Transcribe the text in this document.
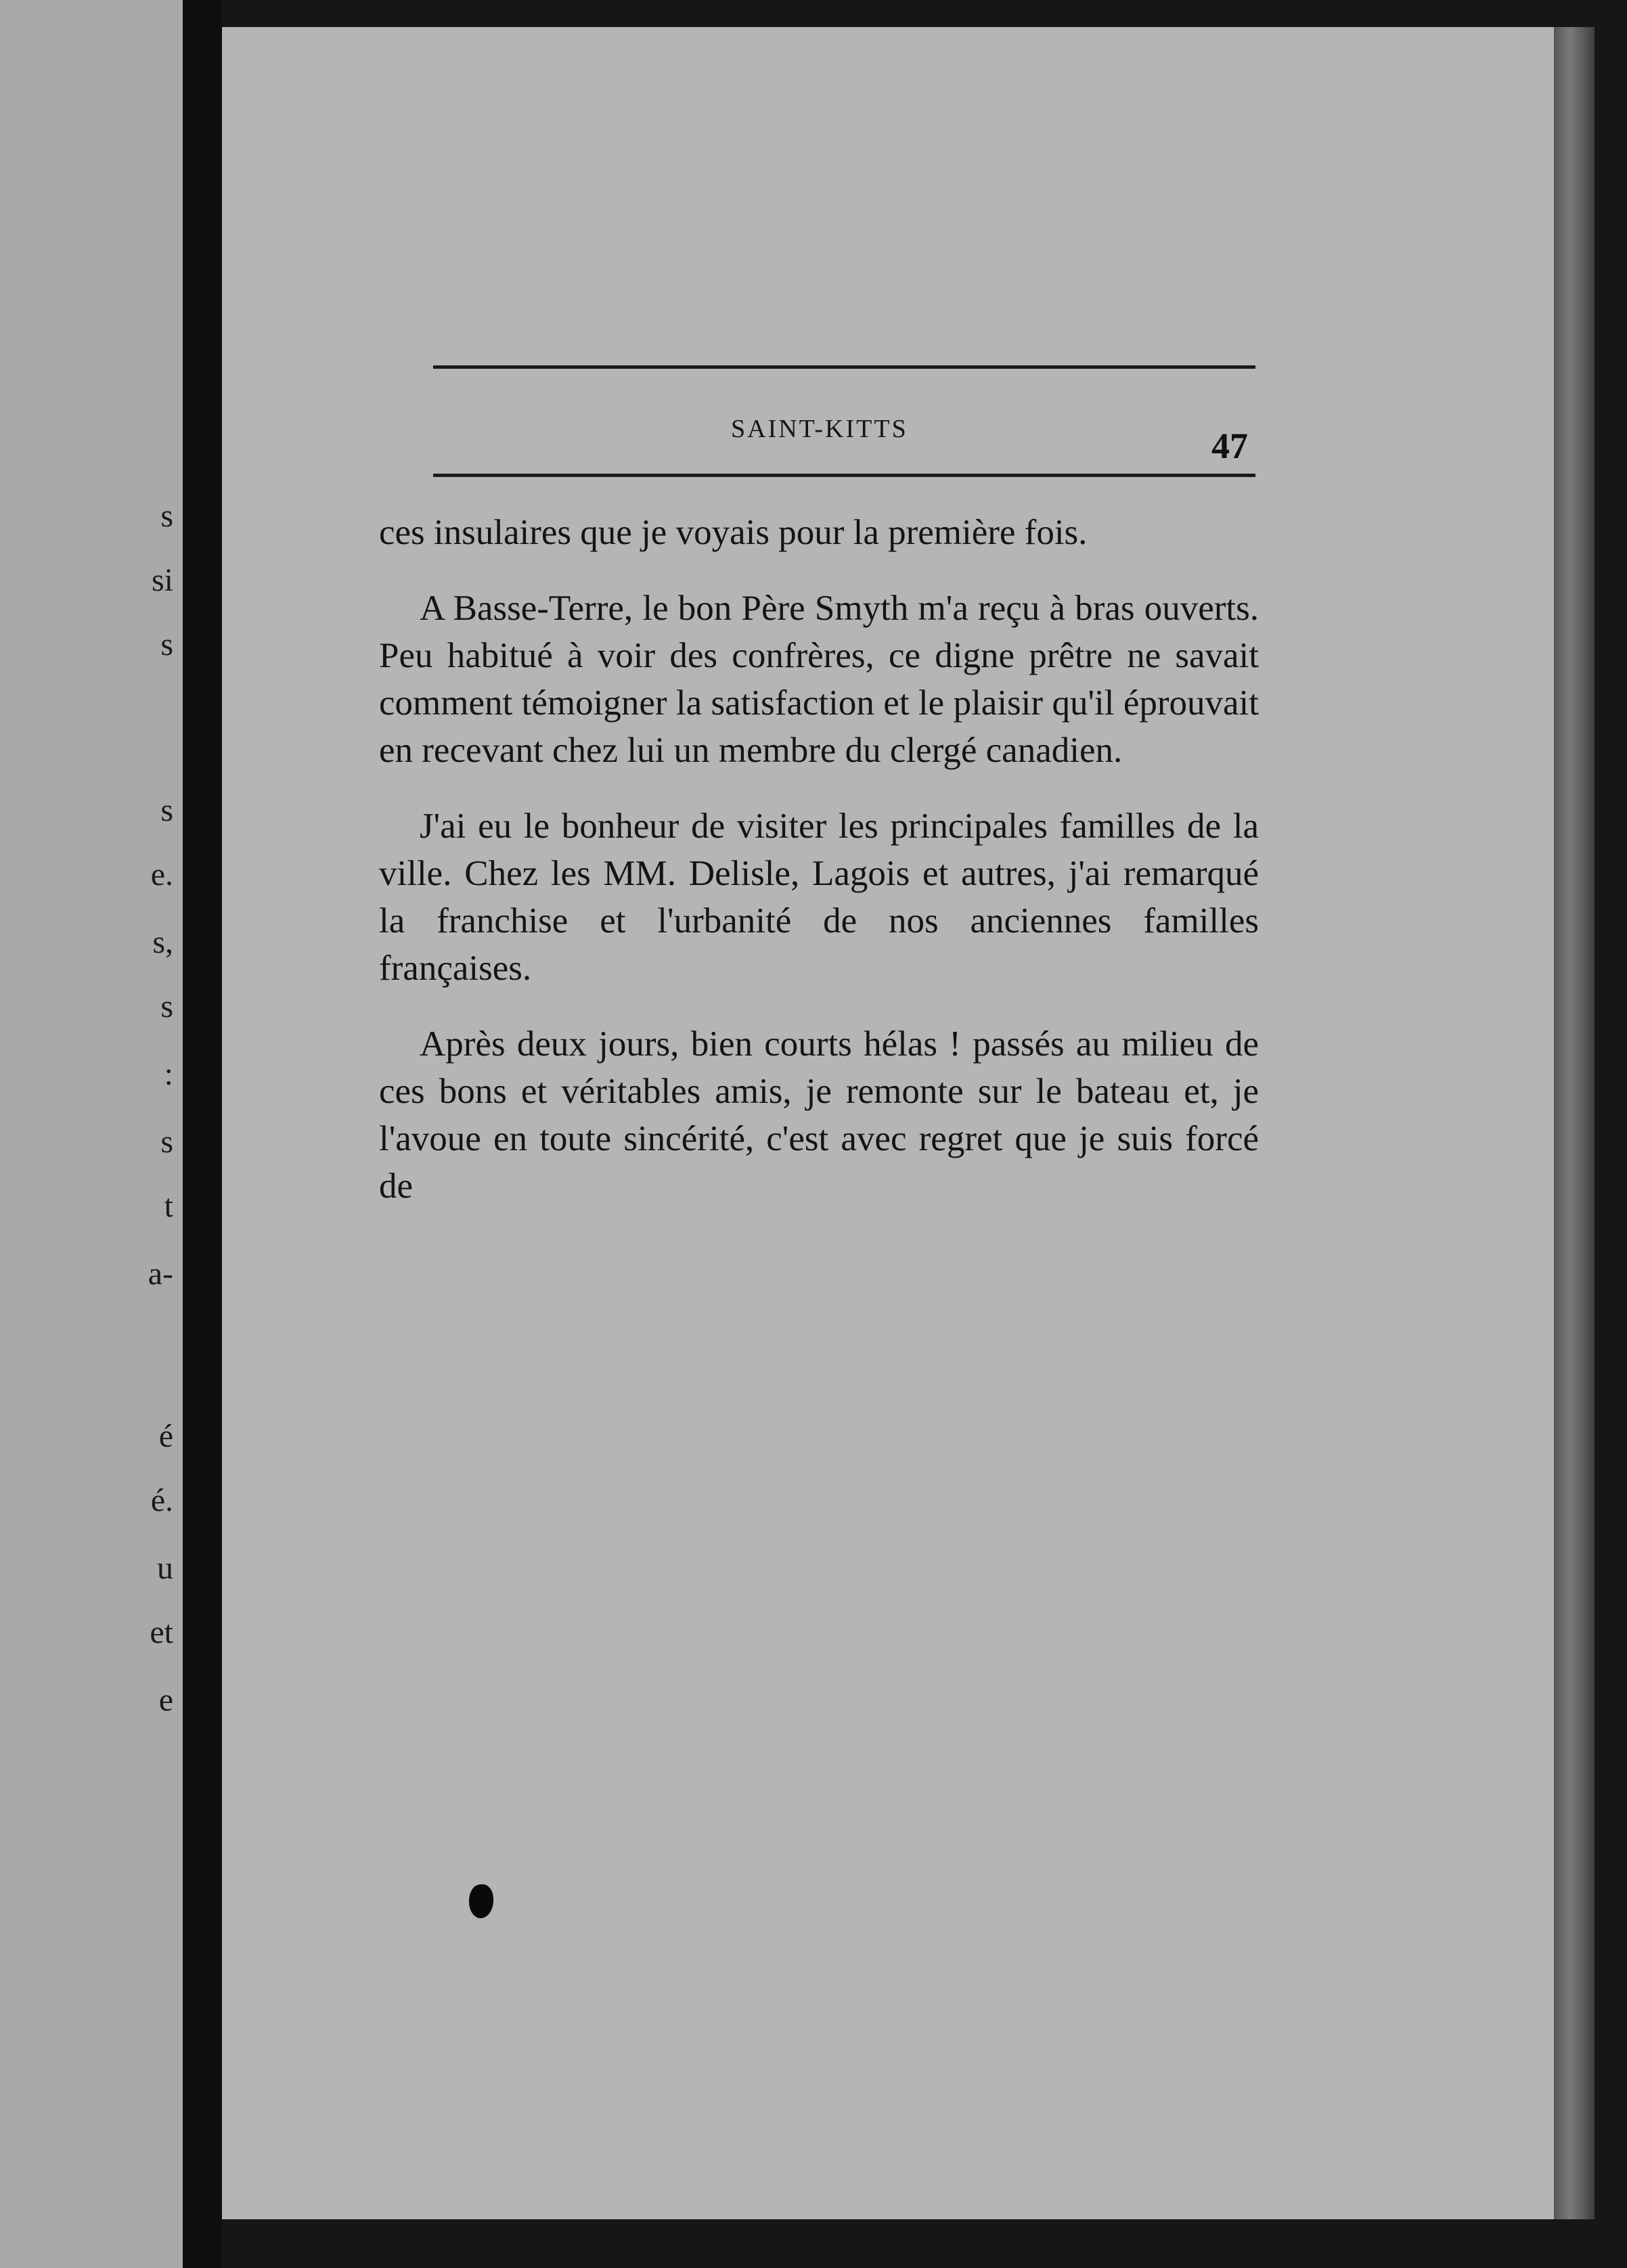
s
si
s
s
e.
s,
s
:
s
t
a-
é
é.
u
et
e
SAINT-KITTS	47

ces insulaires que je voyais pour la première fois.

A Basse-Terre, le bon Père Smyth m'a reçu à bras ouverts. Peu habitué à voir des confrères, ce digne prêtre ne savait comment témoigner la satisfaction et le plaisir qu'il éprouvait en recevant chez lui un membre du clergé canadien.

J'ai eu le bonheur de visiter les principales familles de la ville. Chez les MM. Delisle, Lagois et autres, j'ai remarqué la franchise et l'urbanité de nos anciennes familles françaises.

Après deux jours, bien courts hélas ! passés au milieu de ces bons et véritables amis, je remonte sur le bateau et, je l'avoue en toute sincérité, c'est avec regret que je suis forcé de
